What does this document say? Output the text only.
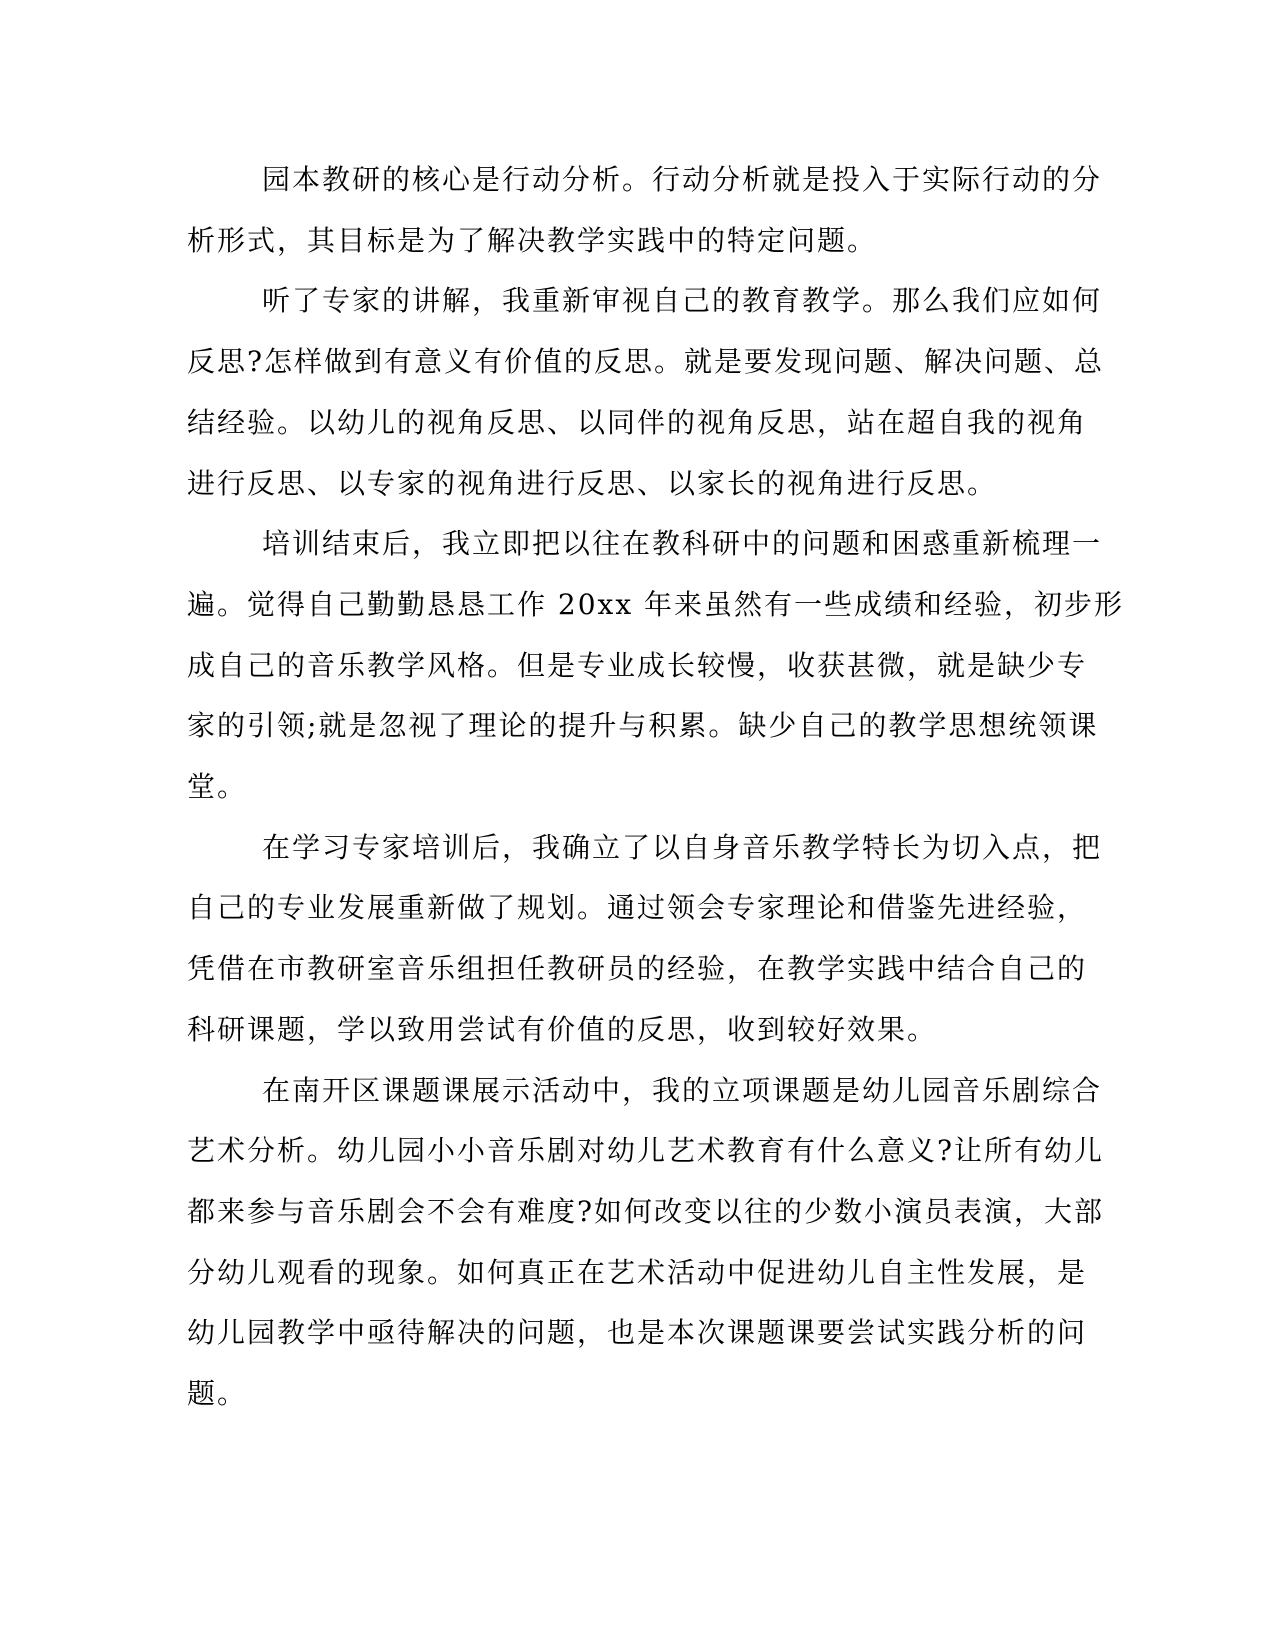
园本教研的核心是行动分析。行动分析就是投入于实际行动的分
析形式，其目标是为了解决教学实践中的特定问题。
听了专家的讲解，我重新审视自己的教育教学。那么我们应如何
反思?怎样做到有意义有价值的反思。就是要发现问题、解决问题、总
结经验。以幼儿的视角反思、以同伴的视角反思，站在超自我的视角
进行反思、以专家的视角进行反思、以家长的视角进行反思。
培训结束后，我立即把以往在教科研中的问题和困惑重新梳理一
遍。觉得自己勤勤恳恳工作 20xx 年来虽然有一些成绩和经验，初步形
成自己的音乐教学风格。但是专业成长较慢，收获甚微，就是缺少专
家的引领;就是忽视了理论的提升与积累。缺少自己的教学思想统领课
堂。
在学习专家培训后，我确立了以自身音乐教学特长为切入点，把
自己的专业发展重新做了规划。通过领会专家理论和借鉴先进经验，
凭借在市教研室音乐组担任教研员的经验，在教学实践中结合自己的
科研课题，学以致用尝试有价值的反思，收到较好效果。
在南开区课题课展示活动中，我的立项课题是幼儿园音乐剧综合
艺术分析。幼儿园小小音乐剧对幼儿艺术教育有什么意义?让所有幼儿
都来参与音乐剧会不会有难度?如何改变以往的少数小演员表演，大部
分幼儿观看的现象。如何真正在艺术活动中促进幼儿自主性发展，是
幼儿园教学中亟待解决的问题，也是本次课题课要尝试实践分析的问
题。
